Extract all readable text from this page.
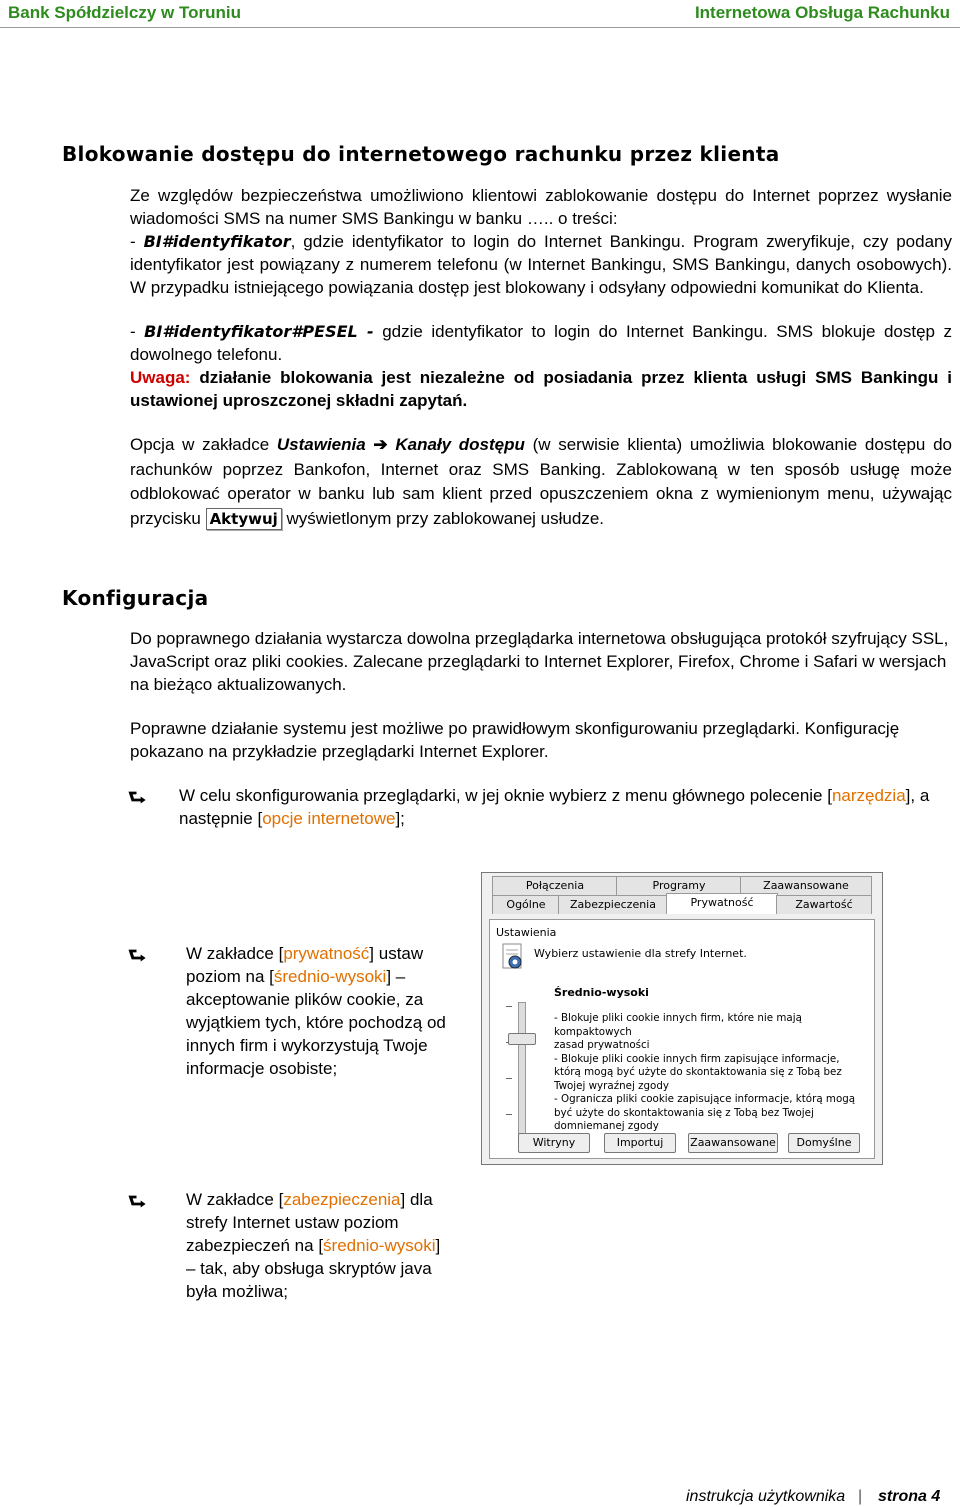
Bank Spółdzielczy w Toruniu	Internetowa Obsługa Rachunku
Blokowanie dostępu do internetowego rachunku przez klienta
Ze względów bezpieczeństwa umożliwiono klientowi zablokowanie dostępu do Internet poprzez wysłanie wiadomości SMS na numer SMS Bankingu w banku ….. o treści:
- BI#identyfikator, gdzie identyfikator to login do Internet Bankingu. Program zweryfikuje, czy podany identyfikator jest powiązany z numerem telefonu (w Internet Bankingu, SMS Bankingu, danych osobowych). W przypadku istniejącego powiązania dostęp jest blokowany i odsyłany odpowiedni komunikat do Klienta.
- BI#identyfikator#PESEL - gdzie identyfikator to login do Internet Bankingu. SMS blokuje dostęp z dowolnego telefonu.
Uwaga: działanie blokowania jest niezależne od posiadania przez klienta usługi SMS Bankingu i ustawionej uproszczonej składni zapytań.
Opcja w zakładce Ustawienia ➔ Kanały dostępu (w serwisie klienta) umożliwia blokowanie dostępu do rachunków poprzez Bankofon, Internet oraz SMS Banking. Zablokowaną w ten sposób usługę może odblokować operator w banku lub sam klient przed opuszczeniem okna z wymienionym menu, używając przycisku Aktywuj wyświetlonym przy zablokowanej usłudze.
Konfiguracja
Do poprawnego działania wystarcza dowolna przeglądarka internetowa obsługująca protokół szyfrujący SSL, JavaScript oraz pliki cookies. Zalecane przeglądarki to Internet Explorer, Firefox, Chrome i Safari w wersjach na bieżąco aktualizowanych.
Poprawne działanie systemu jest możliwe po prawidłowym skonfigurowaniu przeglądarki. Konfigurację pokazano na przykładzie przeglądarki Internet Explorer.
⮑ W celu skonfigurowania przeglądarki, w jej oknie wybierz z menu głównego polecenie [narzędzia], a następnie [opcje internetowe];
⮑ W zakładce [prywatność] ustaw poziom na [średnio-wysoki] – akceptowanie plików cookie, za wyjątkiem tych, które pochodzą od innych firm i wykorzystują Twoje informacje osobiste;
⮑ W zakładce [zabezpieczenia] dla strefy Internet ustaw poziom zabezpieczeń na [średnio-wysoki] – tak, aby obsługa skryptów java była możliwa;
Połączenia	Programy	Zaawansowane
Ogólne	Zabezpieczenia	Prywatność	Zawartość
Ustawienia
Wybierz ustawienie dla strefy Internet.
Średnio-wysoki
- Blokuje pliki cookie innych firm, które nie mają kompaktowych
zasad prywatności
- Blokuje pliki cookie innych firm zapisujące informacje,
którą mogą być użyte do skontaktowania się z Tobą bez
Twojej wyraźnej zgody
- Ogranicza pliki cookie zapisujące informacje, którą mogą
być użyte do skontaktowania się z Tobą bez Twojej
domniemanej zgody
Witryny	Importuj	Zaawansowane	Domyślne
instrukcja użytkownika | strona 4
